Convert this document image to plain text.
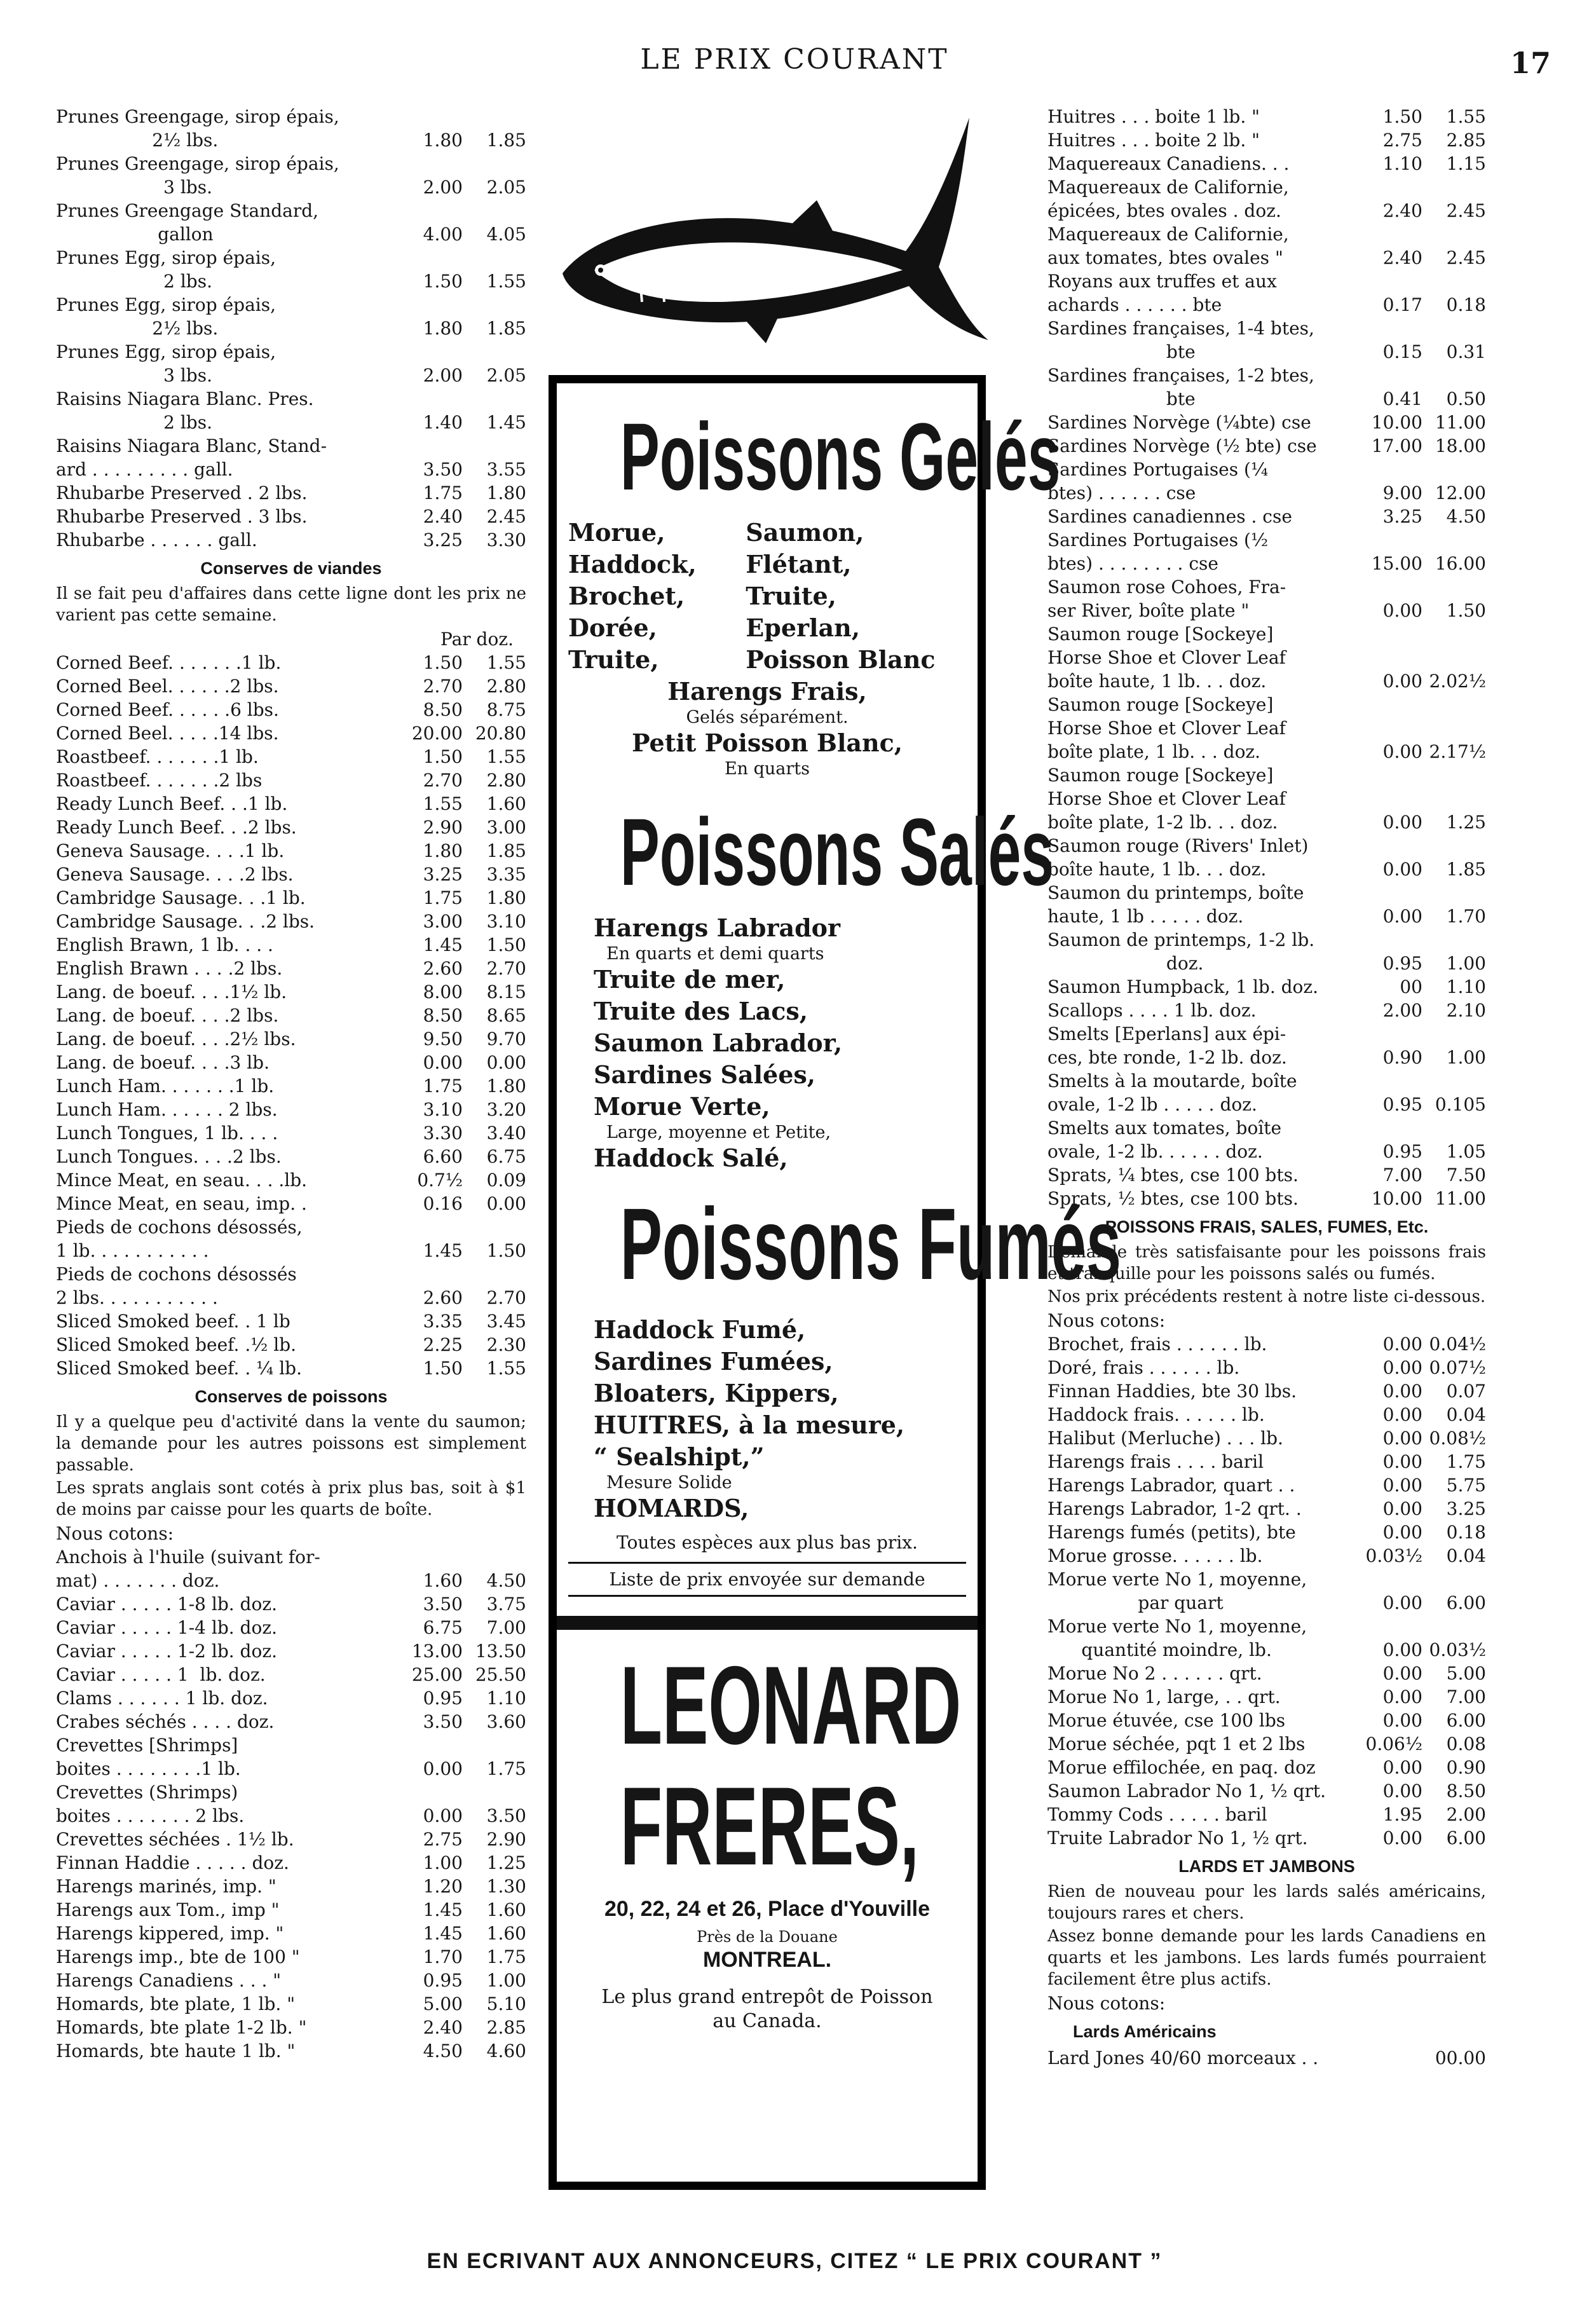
LE PRIX COURANT	17
Prunes Greengage, sirop épais,
2½ lbs.	1.80	1.85
Prunes Greengage, sirop épais,
3 lbs.	2.00	2.05
Prunes Greengage Standard,
gallon	4.00	4.05
Prunes Egg, sirop épais,
2 lbs.	1.50	1.55
Prunes Egg, sirop épais,
2½ lbs.	1.80	1.85
Prunes Egg, sirop épais,
3 lbs.	2.00	2.05
Raisins Niagara Blanc. Pres.
2 lbs.	1.40	1.45
Raisins Niagara Blanc, Stand-
ard . . . . . . . . . gall.	3.50	3.55
Rhubarbe Preserved . 2 lbs.	1.75	1.80
Rhubarbe Preserved . 3 lbs.	2.40	2.45
Rhubarbe . . . . . . gall.	3.25	3.30
Conserves de viandes

Il se fait peu d'affaires dans cette ligne dont les prix ne varient pas cette semaine.

Par doz.
Corned Beef. . . . . . .1 lb.	1.50	1.55
Corned Beel. . . . . .2 lbs.	2.70	2.80
Corned Beef. . . . . .6 lbs.	8.50	8.75
Corned Beel. . . . .14 lbs.	20.00 20.80
Roastbeef. . . . . . .1 lb.	1.50	1.55
Roastbeef. . . . . . .2 lbs	2.70	2.80
Ready Lunch Beef. . .1 lb.	1.55	1.60
Ready Lunch Beef. . .2 lbs.	2.90	3.00
Geneva Sausage. . . .1 lb.	1.80	1.85
Geneva Sausage. . . .2 lbs.	3.25	3.35
Cambridge Sausage. . .1 lb.	1.75	1.80
Cambridge Sausage. . .2 lbs.	3.00	3.10
English Brawn, 1 lb. . . .	1.45	1.50
English Brawn . . . .2 lbs.	2.60	2.70
Lang. de boeuf. . . .1½ lb.	8.00	8.15
Lang. de boeuf. . . .2 lbs.	8.50	8.65
Lang. de boeuf. . . .2½ lbs.	9.50	9.70
Lang. de boeuf. . . .3 lb.	0.00	0.00
Lunch Ham. . . . . . .1 lb.	1.75	1.80
Lunch Ham. . . . . . 2 lbs.	3.10	3.20
Lunch Tongues, 1 lb. . . .	3.30	3.40
Lunch Tongues. . . .2 lbs.	6.60	6.75
Mince Meat, en seau. . . .lb.	0.7½	0.09
Mince Meat, en seau, imp. .	0.16	0.00
Pieds de cochons désossés,
1 lb. . . . . . . . . . .	1.45	1.50
Pieds de cochons désossés
2 lbs. . . . . . . . . . .	2.60	2.70
Sliced Smoked beef. . 1 lb	3.35	3.45
Sliced Smoked beef. .½ lb.	2.25	2.30
Sliced Smoked beef. . ¼ lb.	1.50	1.55
Conserves de poissons

Il y a quelque peu d'activité dans la vente du saumon; la demande pour les autres poissons est simplement passable.

Les sprats anglais sont cotés à prix plus bas, soit à $1 de moins par caisse pour les quarts de boîte.

Nous cotons:
Anchois à l'huile (suivant for-
mat) . . . . . . . doz.	1.60	4.50
Caviar . . . . . 1-8 lb. doz.	3.50	3.75
Caviar . . . . . 1-4 lb. doz.	6.75	7.00
Caviar . . . . . 1-2 lb. doz.	13.00 13.50
Caviar . . . . . 1  lb. doz.	25.00 25.50
Clams . . . . . . 1 lb. doz.	0.95	1.10
Crabes séchés . . . . doz.	3.50	3.60
Crevettes [Shrimps]
boites . . . . . . . .1 lb.	0.00	1.75
Crevettes (Shrimps)
boites . . . . . . . 2 lbs.	0.00	3.50
Crevettes séchées . 1½ lb.	2.75	2.90
Finnan Haddie . . . . . doz.	1.00	1.25
Harengs marinés, imp. "	1.20	1.30
Harengs aux Tom., imp "	1.45	1.60
Harengs kippered, imp. "	1.45	1.60
Harengs imp., bte de 100 "	1.70	1.75
Harengs Canadiens . . . "	0.95	1.00
Homards, bte plate, 1 lb. "	5.00	5.10
Homards, bte plate 1-2 lb. "	2.40	2.85
Homards, bte haute 1 lb. "	4.50	4.60
Poissons Gelés
Morue,	Saumon,
Haddock,	Flétant,
Brochet,	Truite,
Dorée,	Eperlan,
Truite,	Poisson Blanc
Harengs Frais,
Gelés séparément.
Petit Poisson Blanc,
En quarts
Poissons Salés
Harengs Labrador
En quarts et demi quarts
Truite de mer,
Truite des Lacs,
Saumon Labrador,
Sardines Salées,
Morue Verte,
Large, moyenne et Petite,
Haddock Salé,
Poissons Fumés
Haddock Fumé,
Sardines Fumées,
Bloaters, Kippers,
HUITRES, à la mesure,
“ Sealshipt,”
Mesure Solide
HOMARDS,
Toutes espèces aux plus bas prix.
Liste de prix envoyée sur demande
LEONARD
FRERES,
20, 22, 24 et 26, Place d'Youville
Près de la Douane
MONTREAL.
Le plus grand entrepôt de Poisson au Canada.
Huitres . . . boite 1 lb. "	1.50	1.55
Huitres . . . boite 2 lb. "	2.75	2.85
Maquereaux Canadiens. . .	1.10	1.15
Maquereaux de Californie,
épicées, btes ovales . doz.	2.40	2.45
Maquereaux de Californie,
aux tomates, btes ovales "	2.40	2.45
Royans aux truffes et aux
achards . . . . . . bte	0.17	0.18
Sardines françaises, 1-4 btes,
bte	0.15	0.31
Sardines françaises, 1-2 btes,
bte	0.41	0.50
Sardines Norvège (¼bte) cse	10.00 11.00
Sardines Norvège (½ bte) cse	17.00 18.00
Sardines Portugaises (¼
btes) . . . . . . cse	9.00 12.00
Sardines canadiennes . cse	3.25	4.50
Sardines Portugaises (½
btes) . . . . . . . . cse	15.00 16.00
Saumon rose Cohoes, Fra-
ser River, boîte plate "	0.00	1.50
Saumon rouge [Sockeye]
Horse Shoe et Clover Leaf
boîte haute, 1 lb. . . doz.	0.00 2.02½
Saumon rouge [Sockeye]
Horse Shoe et Clover Leaf
boîte plate, 1 lb. . . doz.	0.00 2.17½
Saumon rouge [Sockeye]
Horse Shoe et Clover Leaf
boîte plate, 1-2 lb. . . doz.	0.00	1.25
Saumon rouge (Rivers' Inlet)
boîte haute, 1 lb. . . doz.	0.00	1.85
Saumon du printemps, boîte
haute, 1 lb . . . . . doz.	0.00	1.70
Saumon de printemps, 1-2 lb.
doz.	0.95	1.00
Saumon Humpback, 1 lb. doz.	00	1.10
Scallops . . . . 1 lb. doz.	2.00	2.10
Smelts [Eperlans] aux épi-
ces, bte ronde, 1-2 lb. doz.	0.90	1.00
Smelts à la moutarde, boîte
ovale, 1-2 lb . . . . . doz.	0.95 0.105
Smelts aux tomates, boîte
ovale, 1-2 lb. . . . . . doz.	0.95	1.05
Sprats, ¼ btes, cse 100 bts.	7.00	7.50
Sprats, ½ btes, cse 100 bts.	10.00 11.00
POISSONS FRAIS, SALES, FUMES, Etc.

Demande très satisfaisante pour les poissons frais et tranquille pour les poissons salés ou fumés.

Nos prix précédents restent à notre liste ci-dessous.

Nous cotons:
Brochet, frais . . . . . . lb.	0.00 0.04½
Doré, frais . . . . . . lb.	0.00 0.07½
Finnan Haddies, bte 30 lbs.	0.00	0.07
Haddock frais. . . . . . lb.	0.00	0.04
Halibut (Merluche) . . . lb.	0.00 0.08½
Harengs frais . . . . baril	0.00	1.75
Harengs Labrador, quart . .	0.00	5.75
Harengs Labrador, 1-2 qrt. .	0.00	3.25
Harengs fumés (petits), bte	0.00	0.18
Morue grosse. . . . . . lb.	0.03½	0.04
Morue verte No 1, moyenne,
par quart	0.00	6.00
Morue verte No 1, moyenne,
quantité moindre, lb.	0.00 0.03½
Morue No 2 . . . . . . qrt.	0.00	5.00
Morue No 1, large, . . qrt.	0.00	7.00
Morue étuvée, cse 100 lbs	0.00	6.00
Morue séchée, pqt 1 et 2 lbs	0.06½	0.08
Morue effilochée, en paq. doz	0.00	0.90
Saumon Labrador No 1, ½ qrt.	0.00	8.50
Tommy Cods . . . . . baril	1.95	2.00
Truite Labrador No 1, ½ qrt.	0.00	6.00
LARDS ET JAMBONS

Rien de nouveau pour les lards salés américains, toujours rares et chers.

Assez bonne demande pour les lards Canadiens en quarts et les jambons. Les lards fumés pourraient facilement être plus actifs.

Nous cotons:
Lards Américains
Lard Jones 40/60 morceaux . .	00.00
EN ECRIVANT AUX ANNONCEURS, CITEZ “ LE PRIX COURANT ”
